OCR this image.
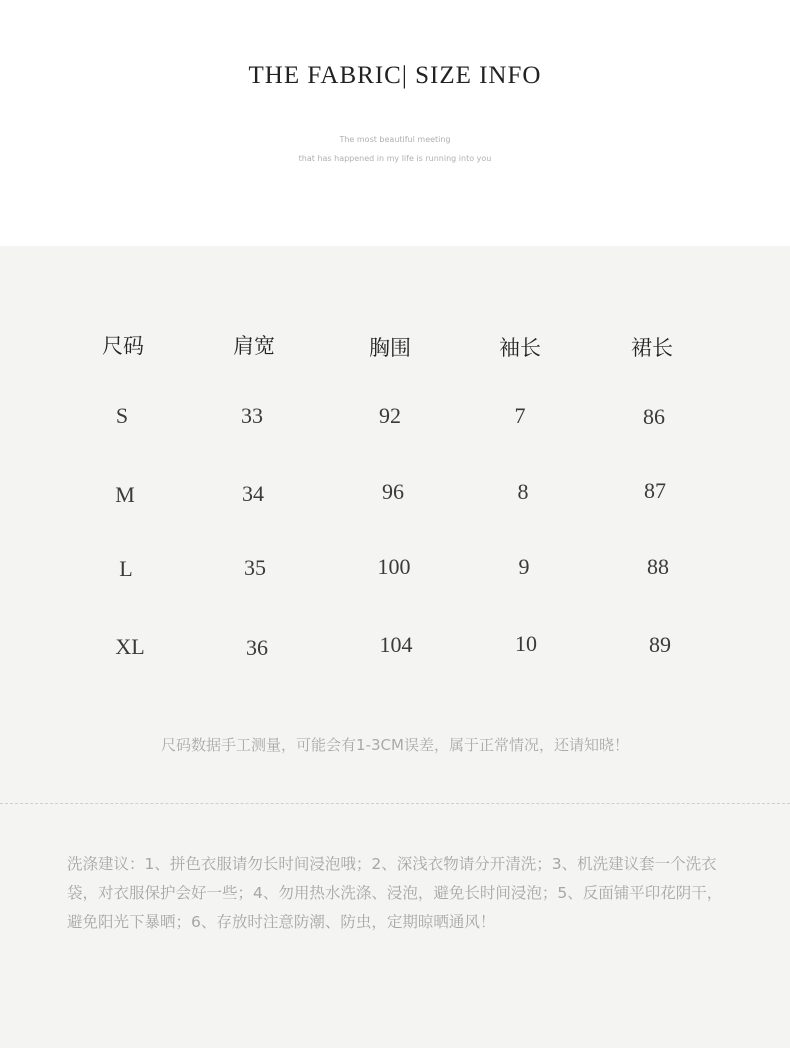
THE FABRIC| SIZE INFO
The most beautiful meeting
that has happened in my life is running into you
尺码	肩宽	胸围	袖长	裙长
S	33	92	7	86
M	34	96	8	87
L	35	100	9	88
XL	36	104	10	89
尺码数据手工测量，可能会有1-3CM误差，属于正常情况，还请知晓！
洗涤建议：1、拼色衣服请勿长时间浸泡哦；2、深浅衣物请分开清洗；3、机洗建议套一个洗衣袋，对衣服保护会好一些；4、勿用热水洗涤、浸泡，避免长时间浸泡；5、反面铺平印花阴干，避免阳光下暴晒；6、存放时注意防潮、防虫，定期晾晒通风！
